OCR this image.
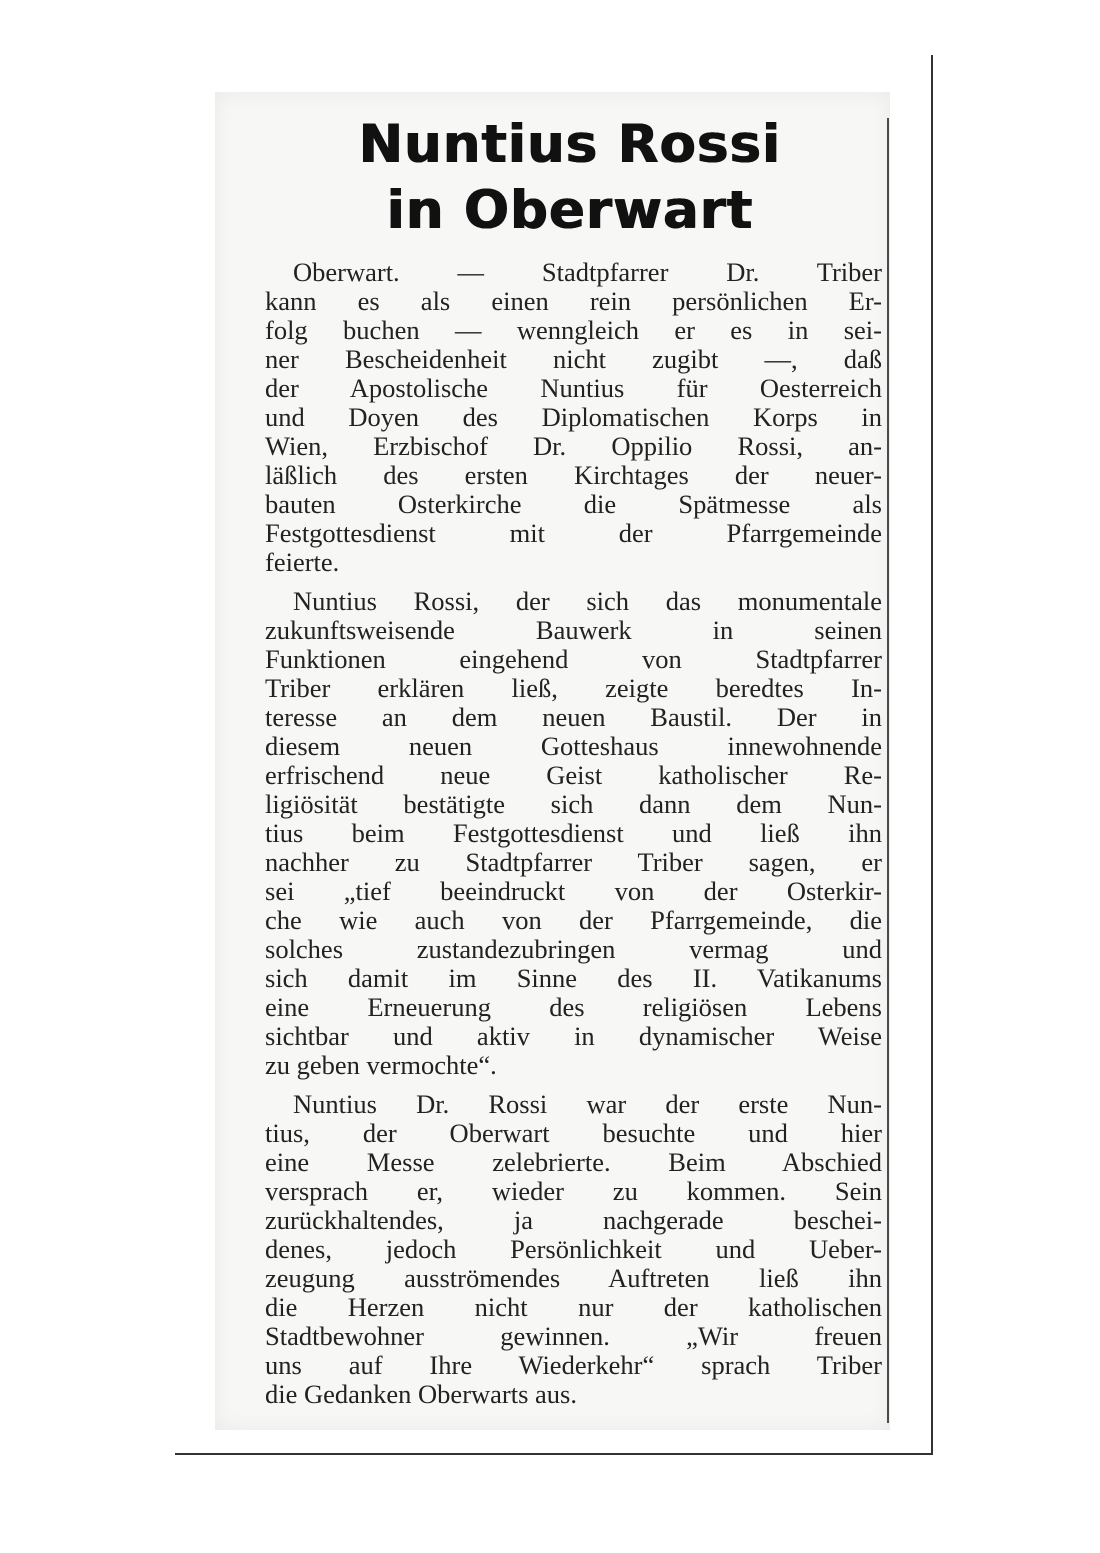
Nuntius Rossi
in Oberwart

Oberwart. — Stadtpfarrer Dr. Triber
kann es als einen rein persönlichen Er-
folg buchen — wenngleich er es in sei-
ner Bescheidenheit nicht zugibt —, daß
der Apostolische Nuntius für Oesterreich
und Doyen des Diplomatischen Korps in
Wien, Erzbischof Dr. Oppilio Rossi, an-
läßlich des ersten Kirchtages der neuer-
bauten Osterkirche die Spätmesse als
Festgottesdienst mit der Pfarrgemeinde
feierte.

Nuntius Rossi, der sich das monumentale
zukunftsweisende Bauwerk in seinen
Funktionen eingehend von Stadtpfarrer
Triber erklären ließ, zeigte beredtes In-
teresse an dem neuen Baustil. Der in
diesem neuen Gotteshaus innewohnende
erfrischend neue Geist katholischer Re-
ligiösität bestätigte sich dann dem Nun-
tius beim Festgottesdienst und ließ ihn
nachher zu Stadtpfarrer Triber sagen, er
sei „tief beeindruckt von der Osterkir-
che wie auch von der Pfarrgemeinde, die
solches zustandezubringen vermag und
sich damit im Sinne des II. Vatikanums
eine Erneuerung des religiösen Lebens
sichtbar und aktiv in dynamischer Weise
zu geben vermochte“.

Nuntius Dr. Rossi war der erste Nun-
tius, der Oberwart besuchte und hier
eine Messe zelebrierte. Beim Abschied
versprach er, wieder zu kommen. Sein
zurückhaltendes, ja nachgerade beschei-
denes, jedoch Persönlichkeit und Ueber-
zeugung ausströmendes Auftreten ließ ihn
die Herzen nicht nur der katholischen
Stadtbewohner gewinnen. „Wir freuen
uns auf Ihre Wiederkehr“ sprach Triber
die Gedanken Oberwarts aus.
